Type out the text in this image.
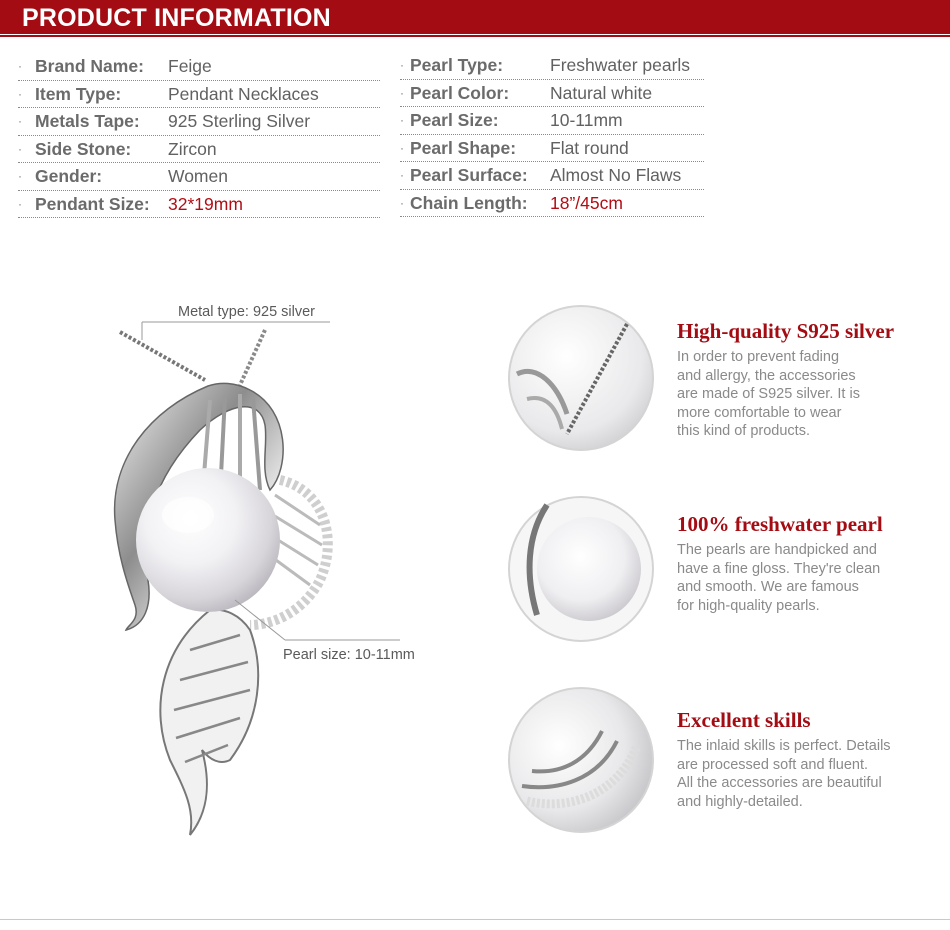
PRODUCT INFORMATION
· Brand Name: Feige
· Item Type:	Pendant Necklaces
· Metals Tape: 925 Sterling Silver
· Side Stone: Zircon
· Gender:	Women
· Pendant Size: 32*19mm
· Pearl Type:	Freshwater pearls
· Pearl Color: Natural white
· Pearl Size:	10-11mm
· Pearl Shape: Flat round
· Pearl Surface: Almost No Flaws
· Chain Length: 18”/45cm
Metal type: 925 silver
Pearl size: 10-11mm
High-quality S925 silver
In order to prevent fading
and allergy, the accessories
are made of S925 silver. It is
more comfortable to wear
this kind of products.
100% freshwater pearl
The pearls are handpicked and
have a fine gloss. They're clean
and smooth. We are famous
for high-quality pearls.
Excellent skills
The inlaid skills is perfect. Details
are processed soft and fluent.
All the accessories are beautiful
and highly-detailed.
